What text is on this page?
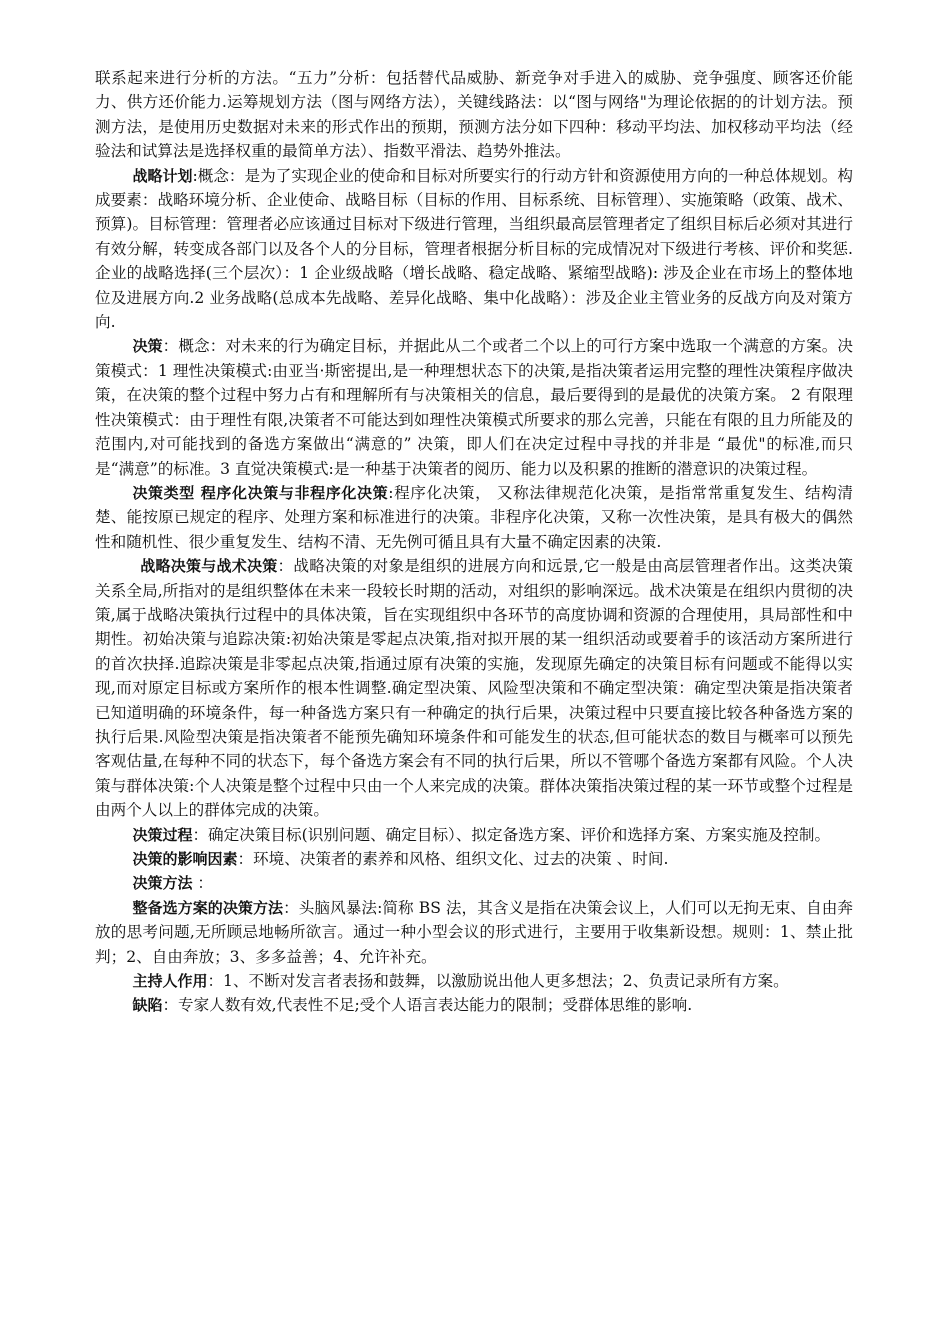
联系起来进行分析的方法。“五力”分析：包括替代品威胁、新竞争对手进入的威胁、竞争强度、顾客还价能力、供方还价能力.运筹规划方法（图与网络方法），关键线路法：以“图与网络"为理论依据的的计划方法。预测方法，是使用历史数据对未来的形式作出的预期，预测方法分如下四种：移动平均法、加权移动平均法（经验法和试算法是选择权重的最简单方法）、指数平滑法、趋势外推法。

战略计划:概念：是为了实现企业的使命和目标对所要实行的行动方针和资源使用方向的一种总体规划。构成要素：战略环境分析、企业使命、战略目标（目标的作用、目标系统、目标管理）、实施策略（政策、战术、预算)。目标管理：管理者必应该通过目标对下级进行管理，当组织最高层管理者定了组织目标后必须对其进行有效分解，转变成各部门以及各个人的分目标，管理者根据分析目标的完成情况对下级进行考核、评价和奖惩.企业的战略选择(三个层次）：1 企业级战略（增长战略、稳定战略、紧缩型战略): 涉及企业在市场上的整体地位及进展方向.2 业务战略(总成本先战略、差异化战略、集中化战略）：涉及企业主管业务的反战方向及对策方向.

决策：概念：对未来的行为确定目标，并据此从二个或者二个以上的可行方案中选取一个满意的方案。决策模式：1 理性决策模式:由亚当·斯密提出,是一种理想状态下的决策,是指决策者运用完整的理性决策程序做决策，在决策的整个过程中努力占有和理解所有与决策相关的信息，最后要得到的是最优的决策方案。 2 有限理性决策模式：由于理性有限,决策者不可能达到如理性决策模式所要求的那么完善，只能在有限的且力所能及的范围内,对可能找到的备选方案做出“满意的” 决策，即人们在决定过程中寻找的并非是 “最优"的标准,而只是“满意”的标准。3 直觉决策模式:是一种基于决策者的阅历、能力以及积累的推断的潜意识的决策过程。

决策类型 程序化决策与非程序化决策:程序化决策， 又称法律规范化决策，是指常常重复发生、结构清楚、能按原已规定的程序、处理方案和标准进行的决策。非程序化决策，又称一次性决策，是具有极大的偶然性和随机性、很少重复发生、结构不清、无先例可循且具有大量不确定因素的决策.

战略决策与战术决策：战略决策的对象是组织的进展方向和远景,它一般是由高层管理者作出。这类决策关系全局,所指对的是组织整体在未来一段较长时期的活动，对组织的影响深远。战术决策是在组织内贯彻的决策,属于战略决策执行过程中的具体决策，旨在实现组织中各环节的高度协调和资源的合理使用，具局部性和中期性。初始决策与追踪决策:初始决策是零起点决策,指对拟开展的某一组织活动或要着手的该活动方案所进行的首次抉择.追踪决策是非零起点决策,指通过原有决策的实施，发现原先确定的决策目标有问题或不能得以实现,而对原定目标或方案所作的根本性调整.确定型决策、风险型决策和不确定型决策：确定型决策是指决策者已知道明确的环境条件，每一种备选方案只有一种确定的执行后果，决策过程中只要直接比较各种备选方案的执行后果.风险型决策是指决策者不能预先确知环境条件和可能发生的状态,但可能状态的数目与概率可以预先客观估量,在每种不同的状态下，每个备选方案会有不同的执行后果，所以不管哪个备选方案都有风险。个人决策与群体决策:个人决策是整个过程中只由一个人来完成的决策。群体决策指决策过程的某一环节或整个过程是由两个人以上的群体完成的决策。

决策过程：确定决策目标(识别问题、确定目标）、拟定备选方案、评价和选择方案、方案实施及控制。

决策的影响因素：环境、决策者的素养和风格、组织文化、过去的决策 、时间.

决策方法 ：

整备选方案的决策方法：头脑风暴法:简称 BS 法，其含义是指在决策会议上，人们可以无拘无束、自由奔放的思考问题,无所顾忌地畅所欲言。通过一种小型会议的形式进行，主要用于收集新设想。规则：1、禁止批判；2、自由奔放；3、多多益善；4、允许补充。

主持人作用：1、不断对发言者表扬和鼓舞，以激励说出他人更多想法；2、负责记录所有方案。

缺陷：专家人数有效,代表性不足;受个人语言表达能力的限制；受群体思维的影响.
